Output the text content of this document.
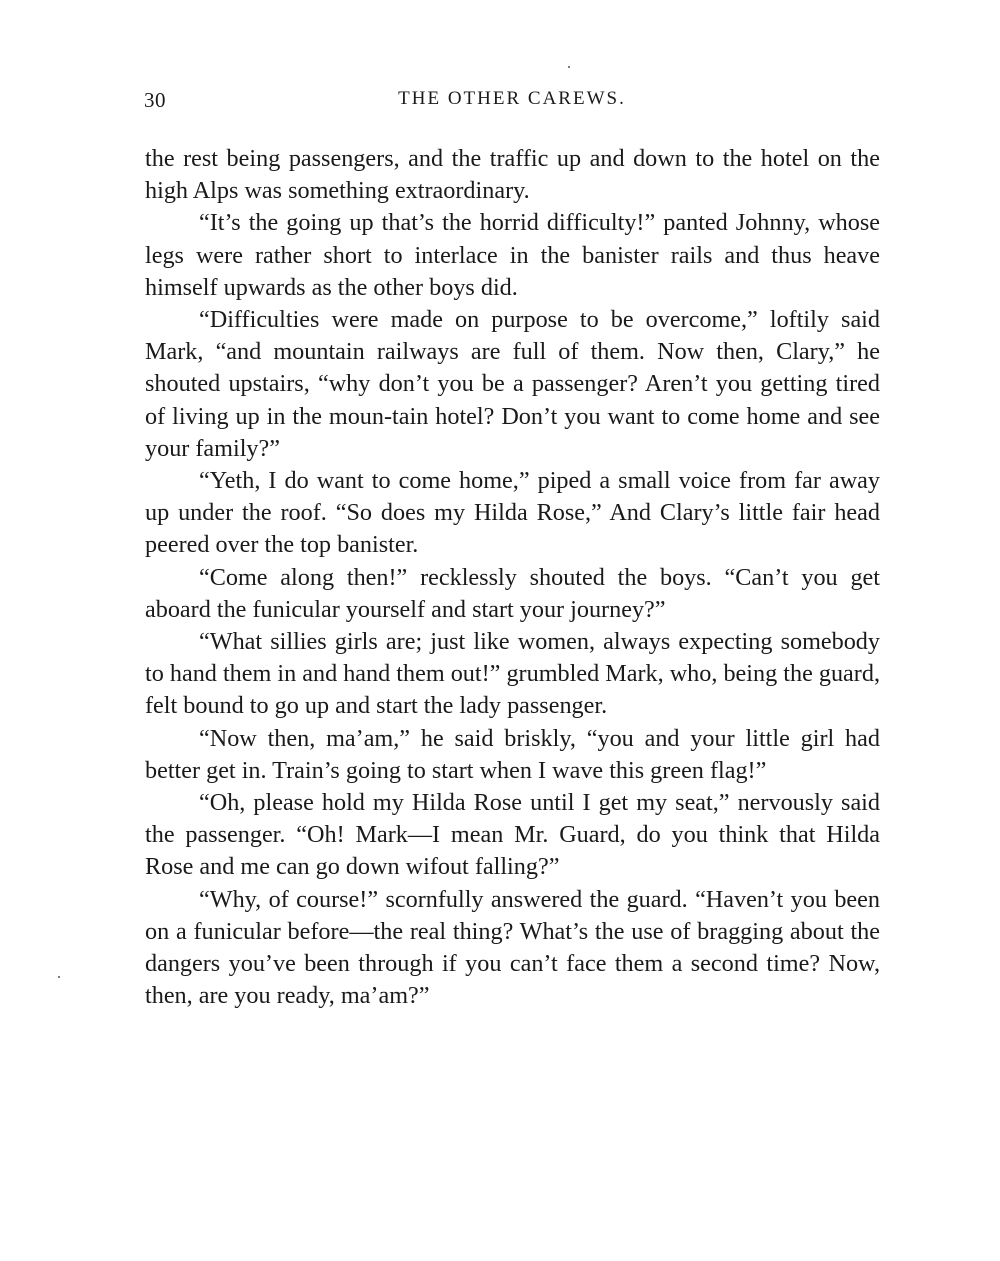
30	THE OTHER CAREWS.

the rest being passengers, and the traffic up and down to the hotel on the high Alps was something extraordinary.

“It’s the going up that’s the horrid difficulty!” panted Johnny, whose legs were rather short to interlace in the banister rails and thus heave himself upwards as the other boys did.

“Difficulties were made on purpose to be overcome,” loftily said Mark, “and mountain railways are full of them. Now then, Clary,” he shouted upstairs, “why don’t you be a passenger? Aren’t you getting tired of living up in the moun-tain hotel? Don’t you want to come home and see your family?”

“Yeth, I do want to come home,” piped a small voice from far away up under the roof. “So does my Hilda Rose,” And Clary’s little fair head peered over the top banister.

“Come along then!” recklessly shouted the boys. “Can’t you get aboard the funicular yourself and start your journey?”

“What sillies girls are; just like women, always expecting somebody to hand them in and hand them out!” grumbled Mark, who, being the guard, felt bound to go up and start the lady passenger.

“Now then, ma’am,” he said briskly, “you and your little girl had better get in. Train’s going to start when I wave this green flag!”

“Oh, please hold my Hilda Rose until I get my seat,” nervously said the passenger. “Oh! Mark—I mean Mr. Guard, do you think that Hilda Rose and me can go down wifout falling?”

“Why, of course!” scornfully answered the guard. “Haven’t you been on a funicular before—the real thing? What’s the use of bragging about the dangers you’ve been through if you can’t face them a second time? Now, then, are you ready, ma’am?”
